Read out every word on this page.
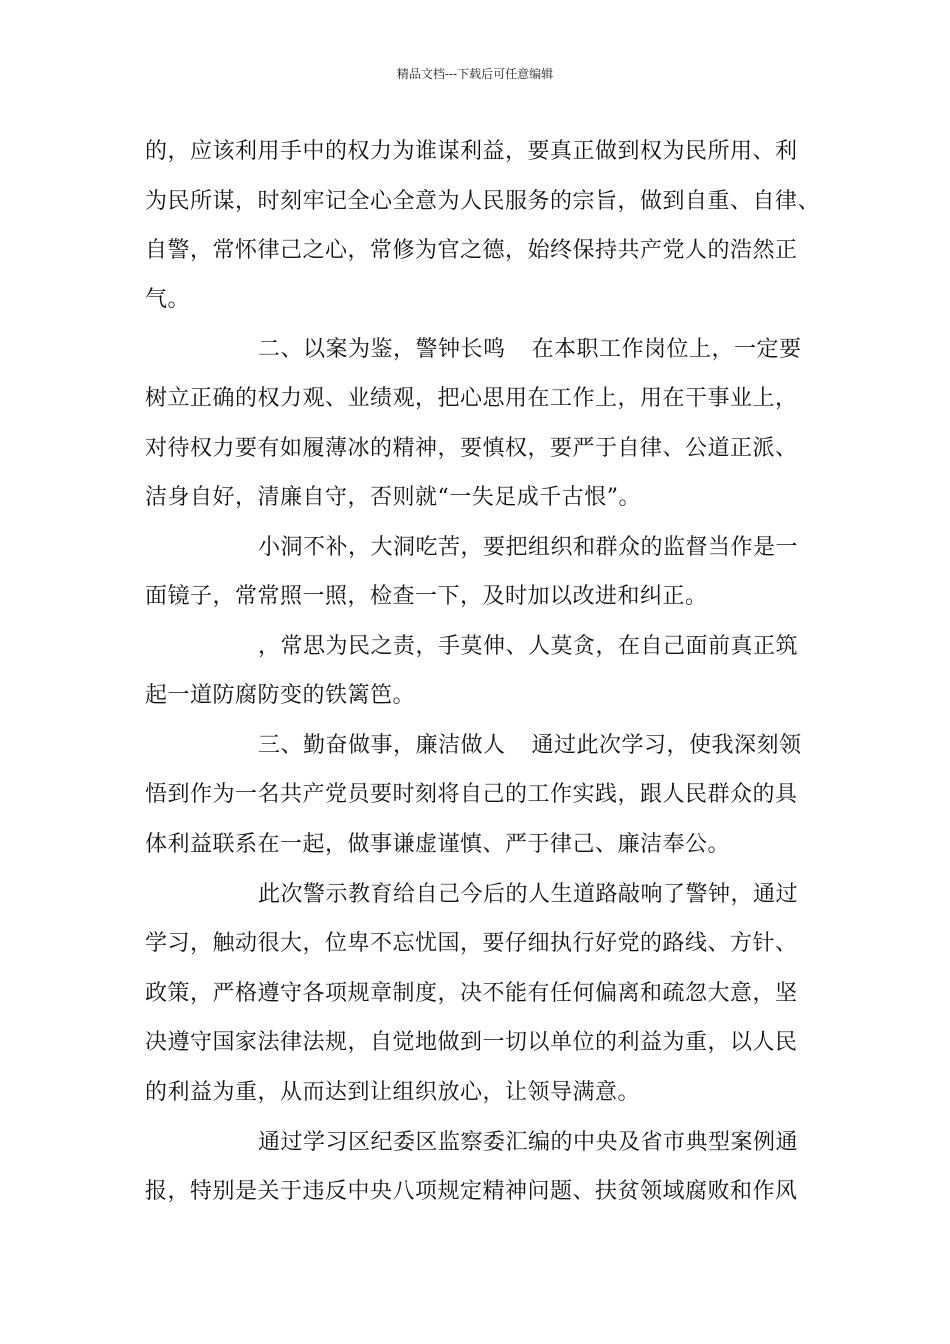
精品文档---下载后可任意编辑
的，应该利用手中的权力为谁谋利益，要真正做到权为民所用、利
为民所谋，时刻牢记全心全意为人民服务的宗旨，做到自重、自律、
自警，常怀律己之心，常修为官之德，始终保持共产党人的浩然正
气。
二、以案为鉴，警钟长鸣 在本职工作岗位上，一定要
树立正确的权力观、业绩观，把心思用在工作上，用在干事业上，
对待权力要有如履薄冰的精神，要慎权，要严于自律、公道正派、
洁身自好，清廉自守，否则就“一失足成千古恨”。
小洞不补，大洞吃苦，要把组织和群众的监督当作是一
面镜子，常常照一照，检查一下，及时加以改进和纠正。
，常思为民之责，手莫伸、人莫贪，在自己面前真正筑
起一道防腐防变的铁篱笆。
三、勤奋做事，廉洁做人 通过此次学习，使我深刻领
悟到作为一名共产党员要时刻将自己的工作实践，跟人民群众的具
体利益联系在一起，做事谦虚谨慎、严于律己、廉洁奉公。
此次警示教育给自己今后的人生道路敲响了警钟，通过
学习，触动很大，位卑不忘忧国，要仔细执行好党的路线、方针、
政策，严格遵守各项规章制度，决不能有任何偏离和疏忽大意，坚
决遵守国家法律法规，自觉地做到一切以单位的利益为重，以人民
的利益为重，从而达到让组织放心，让领导满意。
通过学习区纪委区监察委汇编的中央及省市典型案例通
报，特别是关于违反中央八项规定精神问题、扶贫领域腐败和作风
